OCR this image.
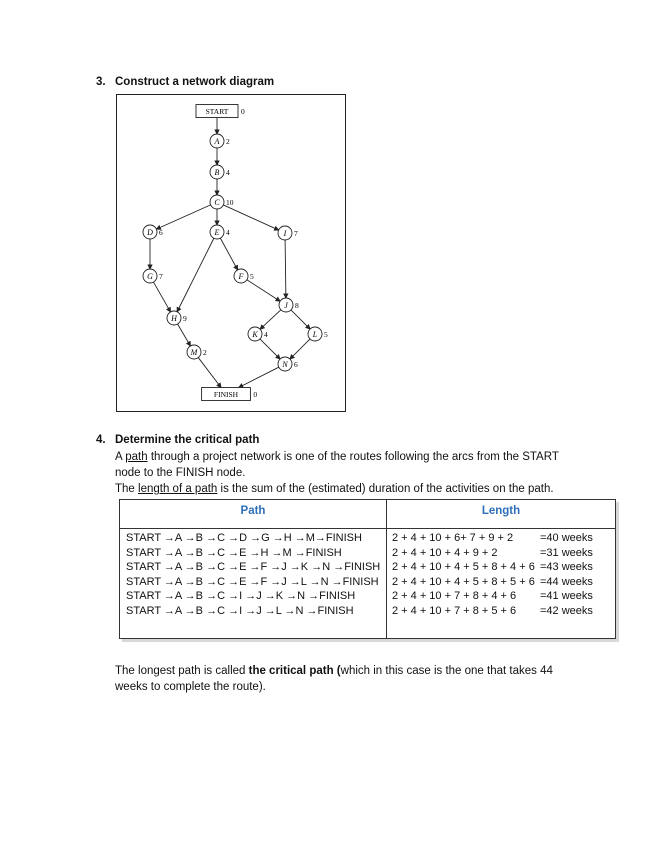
3. Construct a network diagram
START 0
A 2
B 4
C 10
D 6	E 4	I 7
G 7	F 5
J 8
H 9
K 4	L 5
M 2
N 6
FINISH 0
4. Determine the critical path
A path through a project network is one of the routes following the arcs from the START
node to the FINISH node.
The length of a path is the sum of the (estimated) duration of the activities on the path.
Path	Length
START →A →B →C →D →G →H →M→FINISH	2 + 4 + 10 + 6+ 7 + 9 + 2 =40 weeks
START →A →B →C →E →H →M →FINISH	2 + 4 + 10 + 4 + 9 + 2	=31 weeks
START →A →B →C →E →F →J →K →N →FINISH 2 + 4 + 10 + 4 + 5 + 8 + 4 + 6 =43 weeks
START →A →B →C →E →F →J →L →N →FINISH 2 + 4 + 10 + 4 + 5 + 8 + 5 + 6 =44 weeks
START →A →B →C →I →J →K →N →FINISH	2 + 4 + 10 + 7 + 8 + 4 + 6 =41 weeks
START →A →B →C →I →J →L →N →FINISH	2 + 4 + 10 + 7 + 8 + 5 + 6 =42 weeks
The longest path is called the critical path (which in this case is the one that takes 44
weeks to complete the route).
